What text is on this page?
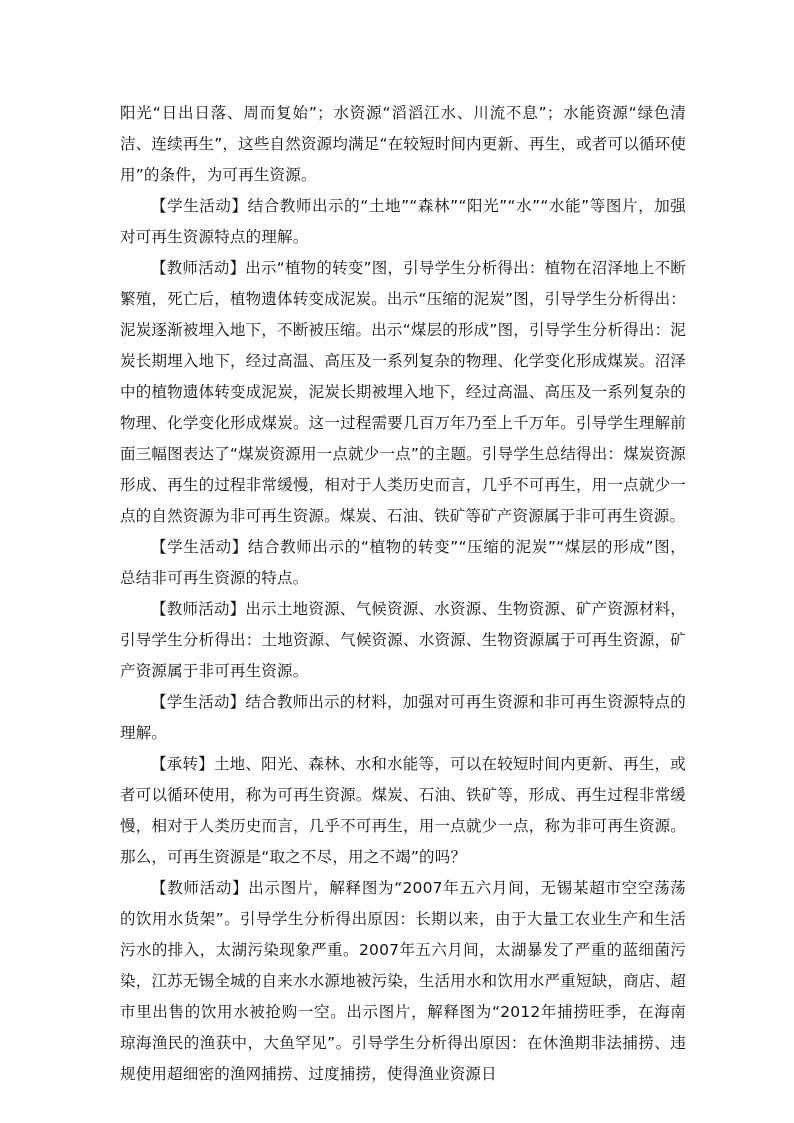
阳光“日出日落、周而复始”；水资源“滔滔江水、川流不息”；水能资源“绿色清洁、连续再生”，这些自然资源均满足“在较短时间内更新、再生，或者可以循环使用”的条件，为可再生资源。

【学生活动】结合教师出示的“土地”“森林”“阳光”“水”“水能”等图片，加强对可再生资源特点的理解。

【教师活动】出示“植物的转变”图，引导学生分析得出：植物在沼泽地上不断繁殖，死亡后，植物遗体转变成泥炭。出示“压缩的泥炭”图，引导学生分析得出：泥炭逐渐被埋入地下，不断被压缩。出示“煤层的形成”图，引导学生分析得出：泥炭长期埋入地下，经过高温、高压及一系列复杂的物理、化学变化形成煤炭。沼泽中的植物遗体转变成泥炭，泥炭长期被埋入地下，经过高温、高压及一系列复杂的物理、化学变化形成煤炭。这一过程需要几百万年乃至上千万年。引导学生理解前面三幅图表达了“煤炭资源用一点就少一点”的主题。引导学生总结得出：煤炭资源形成、再生的过程非常缓慢，相对于人类历史而言，几乎不可再生，用一点就少一点的自然资源为非可再生资源。煤炭、石油、铁矿等矿产资源属于非可再生资源。

【学生活动】结合教师出示的“植物的转变”“压缩的泥炭”“煤层的形成”图，总结非可再生资源的特点。

【教师活动】出示土地资源、气候资源、水资源、生物资源、矿产资源材料，引导学生分析得出：土地资源、气候资源、水资源、生物资源属于可再生资源，矿产资源属于非可再生资源。

【学生活动】结合教师出示的材料，加强对可再生资源和非可再生资源特点的理解。

【承转】土地、阳光、森林、水和水能等，可以在较短时间内更新、再生，或者可以循环使用，称为可再生资源。煤炭、石油、铁矿等，形成、再生过程非常缓慢，相对于人类历史而言，几乎不可再生，用一点就少一点，称为非可再生资源。那么，可再生资源是“取之不尽，用之不竭”的吗？

【教师活动】出示图片，解释图为“2007年五六月间，无锡某超市空空荡荡的饮用水货架”。引导学生分析得出原因：长期以来，由于大量工农业生产和生活污水的排入，太湖污染现象严重。2007年五六月间，太湖暴发了严重的蓝细菌污染，江苏无锡全城的自来水水源地被污染，生活用水和饮用水严重短缺，商店、超市里出售的饮用水被抢购一空。出示图片，解释图为“2012年捕捞旺季，在海南琼海渔民的渔获中，大鱼罕见”。引导学生分析得出原因：在休渔期非法捕捞、违规使用超细密的渔网捕捞、过度捕捞，使得渔业资源日
